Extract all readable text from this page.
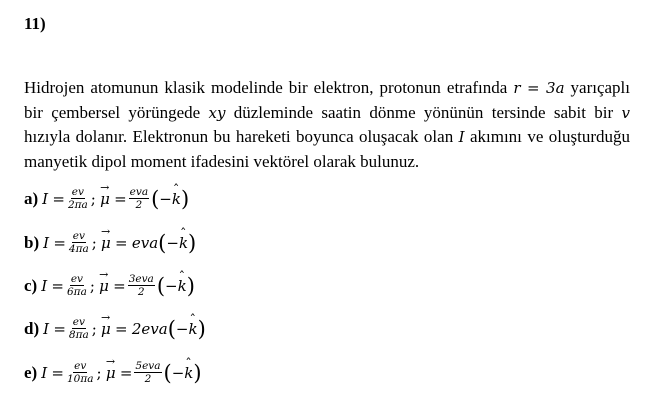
11)
Hidrojen atomunun klasik modelinde bir elektron, protonun etrafında r = 3a yarıçaplı bir çembersel yörüngede xy düzleminde saatin dönme yönünün tersinde sabit bir v hızıyla dolanır. Elektronun bu hareketi boyunca oluşacak olan I akımını ve oluşturduğu manyetik dipol moment ifadesini vektörel olarak bulunuz.
a) I
= $\frac{ev}{2\pi a}$ ;
→ μ
= $\frac{\text{eva}}{2}$ ( − ˆ k )
b) I
= $\frac{ev}{4\pi a}$ ;
→ μ
=
eva ( − ˆ k )
c) I
= $\frac{ev}{6\pi a}$ ;
→ μ
= $\frac{\text{3eva}}{2}$ ( − ˆ k )
d) I
= $\frac{ev}{8\pi a}$ ;
→ μ
=
2eva ( − ˆ k )
e) I
= $\frac{ev}{10\pi a}$ ;
→ μ
= $\frac{\text{5eva}}{2}$ ( − ˆ k )
